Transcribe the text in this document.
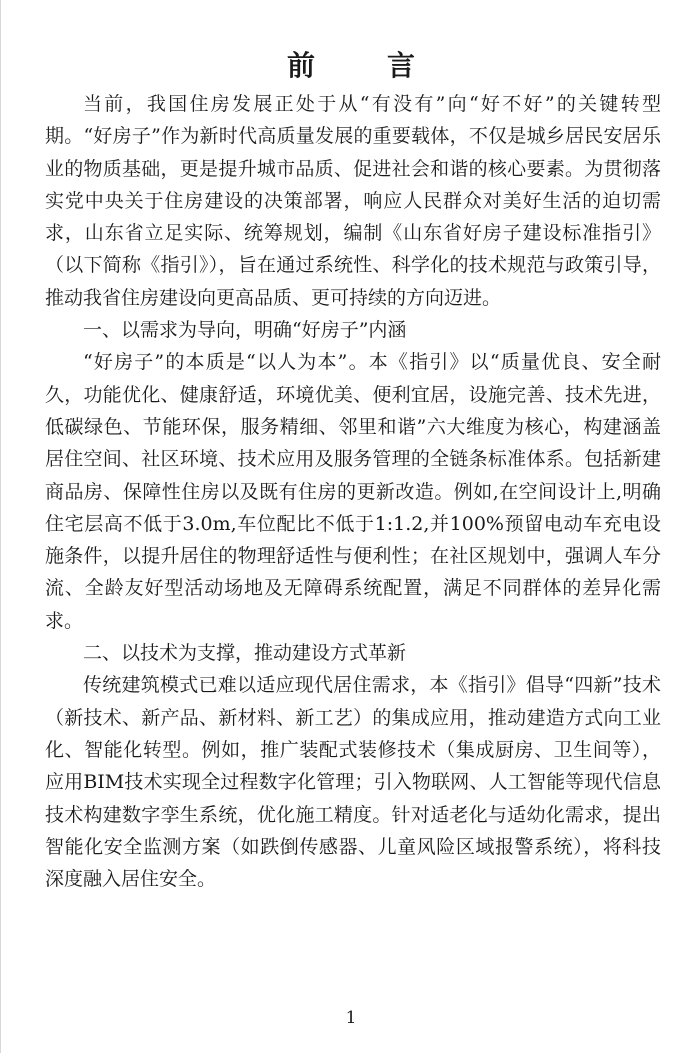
前　言

当前，我国住房发展正处于从“有没有”向“好不好”的关键转型期。“好房子”作为新时代高质量发展的重要载体，不仅是城乡居民安居乐业的物质基础，更是提升城市品质、促进社会和谐的核心要素。为贯彻落实党中央关于住房建设的决策部署，响应人民群众对美好生活的迫切需求，山东省立足实际、统筹规划，编制《山东省好房子建设标准指引》（以下简称《指引》），旨在通过系统性、科学化的技术规范与政策引导，推动我省住房建设向更高品质、更可持续的方向迈进。

一、以需求为导向，明确“好房子”内涵

“好房子”的本质是“以人为本”。本《指引》以“质量优良、安全耐久，功能优化、健康舒适，环境优美、便利宜居，设施完善、技术先进，低碳绿色、节能环保，服务精细、邻里和谐”六大维度为核心，构建涵盖居住空间、社区环境、技术应用及服务管理的全链条标准体系。包括新建商品房、保障性住房以及既有住房的更新改造。例如,在空间设计上,明确住宅层高不低于3.0m,车位配比不低于1:1.2,并100%预留电动车充电设施条件，以提升居住的物理舒适性与便利性；在社区规划中，强调人车分流、全龄友好型活动场地及无障碍系统配置，满足不同群体的差异化需求。

二、以技术为支撑，推动建设方式革新

传统建筑模式已难以适应现代居住需求，本《指引》倡导“四新”技术（新技术、新产品、新材料、新工艺）的集成应用，推动建造方式向工业化、智能化转型。例如，推广装配式装修技术（集成厨房、卫生间等），应用BIM技术实现全过程数字化管理；引入物联网、人工智能等现代信息技术构建数字孪生系统，优化施工精度。针对适老化与适幼化需求，提出智能化安全监测方案（如跌倒传感器、儿童风险区域报警系统），将科技深度融入居住安全。

1
